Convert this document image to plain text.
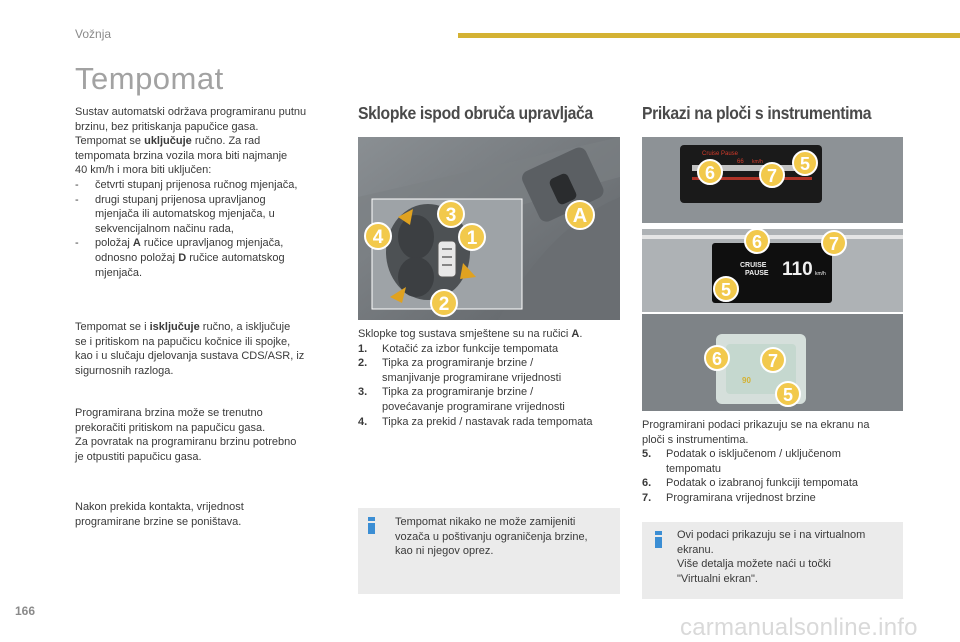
Vožnja
Tempomat

Sustav automatski održava programiranu putnu

brzinu, bez pritiskanja papučice gasa.

Tempomat se uključuje ručno. Za rad

tempomata brzina vozila mora biti najmanje

40 km/h i mora biti uključen:

- četvrti stupanj prijenosa ručnog mjenjača,
- drugi stupanj prijenosa upravljanog
mjenjača ili automatskog mjenjača, u
sekvencijalnom načinu rada,
- položaj A ručice upravljanog mjenjača,
odnosno položaj D ručice automatskog
mjenjača.

Tempomat se i isključuje ručno, a isključuje

se i pritiskom na papučicu kočnice ili spojke,

kao i u slučaju djelovanja sustava CDS/ASR, iz

sigurnosnih razloga.

Programirana brzina može se trenutno

prekoračiti pritiskom na papučicu gasa.

Za povratak na programiranu brzinu potrebno

je otpustiti papučicu gasa.

Nakon prekida kontakta, vrijednost

programirane brzine se poništava.

Sklopke ispod obruča upravljača
4
3
1
2
A

Sklopke tog sustava smještene su na ručici A.

1. Kotačić za izbor funkcije tempomata
2. Tipka za programiranje brzine /
smanjivanje programirane vrijednosti
3. Tipka za programiranje brzine /
povećavanje programirane vrijednosti
4. Tipka za prekid / nastavak rada tempomata
Tempomat nikako ne može zamijeniti
vozača u poštivanju ograničenja brzine,
kao ni njegov oprez.
Prikazi na ploči s instrumentima
Cruise Pause
66 km/h
6	7
5
CRUISE
PAUSE 110 km/h
6	7
5
90
6	7
5

Programirani podaci prikazuju se na ekranu na

ploči s instrumentima.

5. Podatak o isključenom / uključenom
tempomatu
6. Podatak o izabranoj funkciji tempomata
7. Programirana vrijednost brzine
Ovi podaci prikazuju se i na virtualnom
ekranu.
Više detalja možete naći u točki
"Virtualni ekran".
166
carmanualsonline.info
